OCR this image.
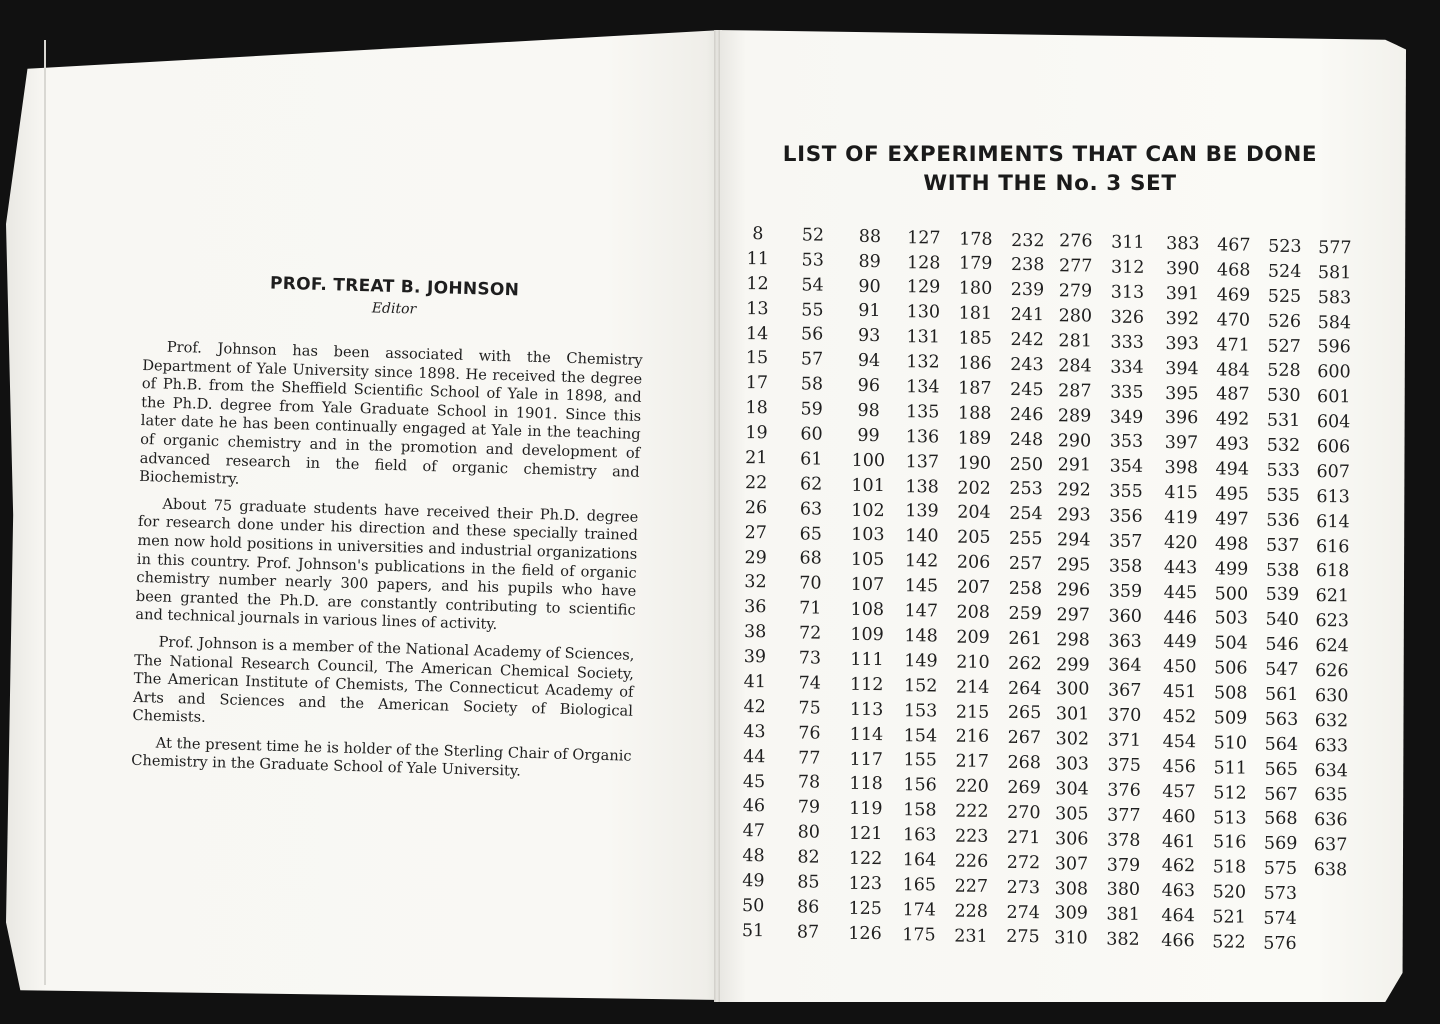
PROF. TREAT B. JOHNSON
Editor

Prof. Johnson has been associated with the Chemistry Department of Yale University since 1898. He received the degree of Ph.B. from the Sheffield Scientific School of Yale in 1898, and the Ph.D. degree from Yale Graduate School in 1901. Since this later date he has been continually engaged at Yale in the teaching of organic chemistry and in the promotion and development of advanced research in the field of organic chemistry and Biochemistry.

About 75 graduate students have received their Ph.D. degree for research done under his direction and these specially trained men now hold positions in universities and industrial organizations in this country. Prof. Johnson's publications in the field of organic chemistry number nearly 300 papers, and his pupils who have been granted the Ph.D. are constantly contributing to scientific and technical journals in various lines of activity.

Prof. Johnson is a member of the National Academy of Sciences, The National Research Council, The American Chemical Society, The American Institute of Chemists, The Connecticut Academy of Arts and Sciences and the American Society of Biological Chemists.

At the present time he is holder of the Sterling Chair of Organic Chemistry in the Graduate School of Yale University.

LIST OF EXPERIMENTS THAT CAN BE DONE
WITH THE No. 3 SET
8
11
12
13
14
15
17
18
19
21
22
26
27
29
32
36
38
39
41
42
43
44
45
46
47
48
49
50
51
52
53
54
55
56
57
58
59
60
61
62
63
65
68
70
71
72
73
74
75
76
77
78
79
80
82
85
86
87
88
89
90
91
93
94
96
98
99
100
101
102
103
105
107
108
109
111
112
113
114
117
118
119
121
122
123
125
126
127
128
129
130
131
132
134
135
136
137
138
139
140
142
145
147
148
149
152
153
154
155
156
158
163
164
165
174
175
178
179
180
181
185
186
187
188
189
190
202
204
205
206
207
208
209
210
214
215
216
217
220
222
223
226
227
228
231
232
238
239
241
242
243
245
246
248
250
253
254
255
257
258
259
261
262
264
265
267
268
269
270
271
272
273
274
275
276
277
279
280
281
284
287
289
290
291
292
293
294
295
296
297
298
299
300
301
302
303
304
305
306
307
308
309
310
311
312
313
326
333
334
335
349
353
354
355
356
357
358
359
360
363
364
367
370
371
375
376
377
378
379
380
381
382
383
390
391
392
393
394
395
396
397
398
415
419
420
443
445
446
449
450
451
452
454
456
457
460
461
462
463
464
466
467
468
469
470
471
484
487
492
493
494
495
497
498
499
500
503
504
506
508
509
510
511
512
513
516
518
520
521
522
523
524
525
526
527
528
530
531
532
533
535
536
537
538
539
540
546
547
561
563
564
565
567
568
569
575
573
574
576
577
581
583
584
596
600
601
604
606
607
613
614
616
618
621
623
624
626
630
632
633
634
635
636
637
638
